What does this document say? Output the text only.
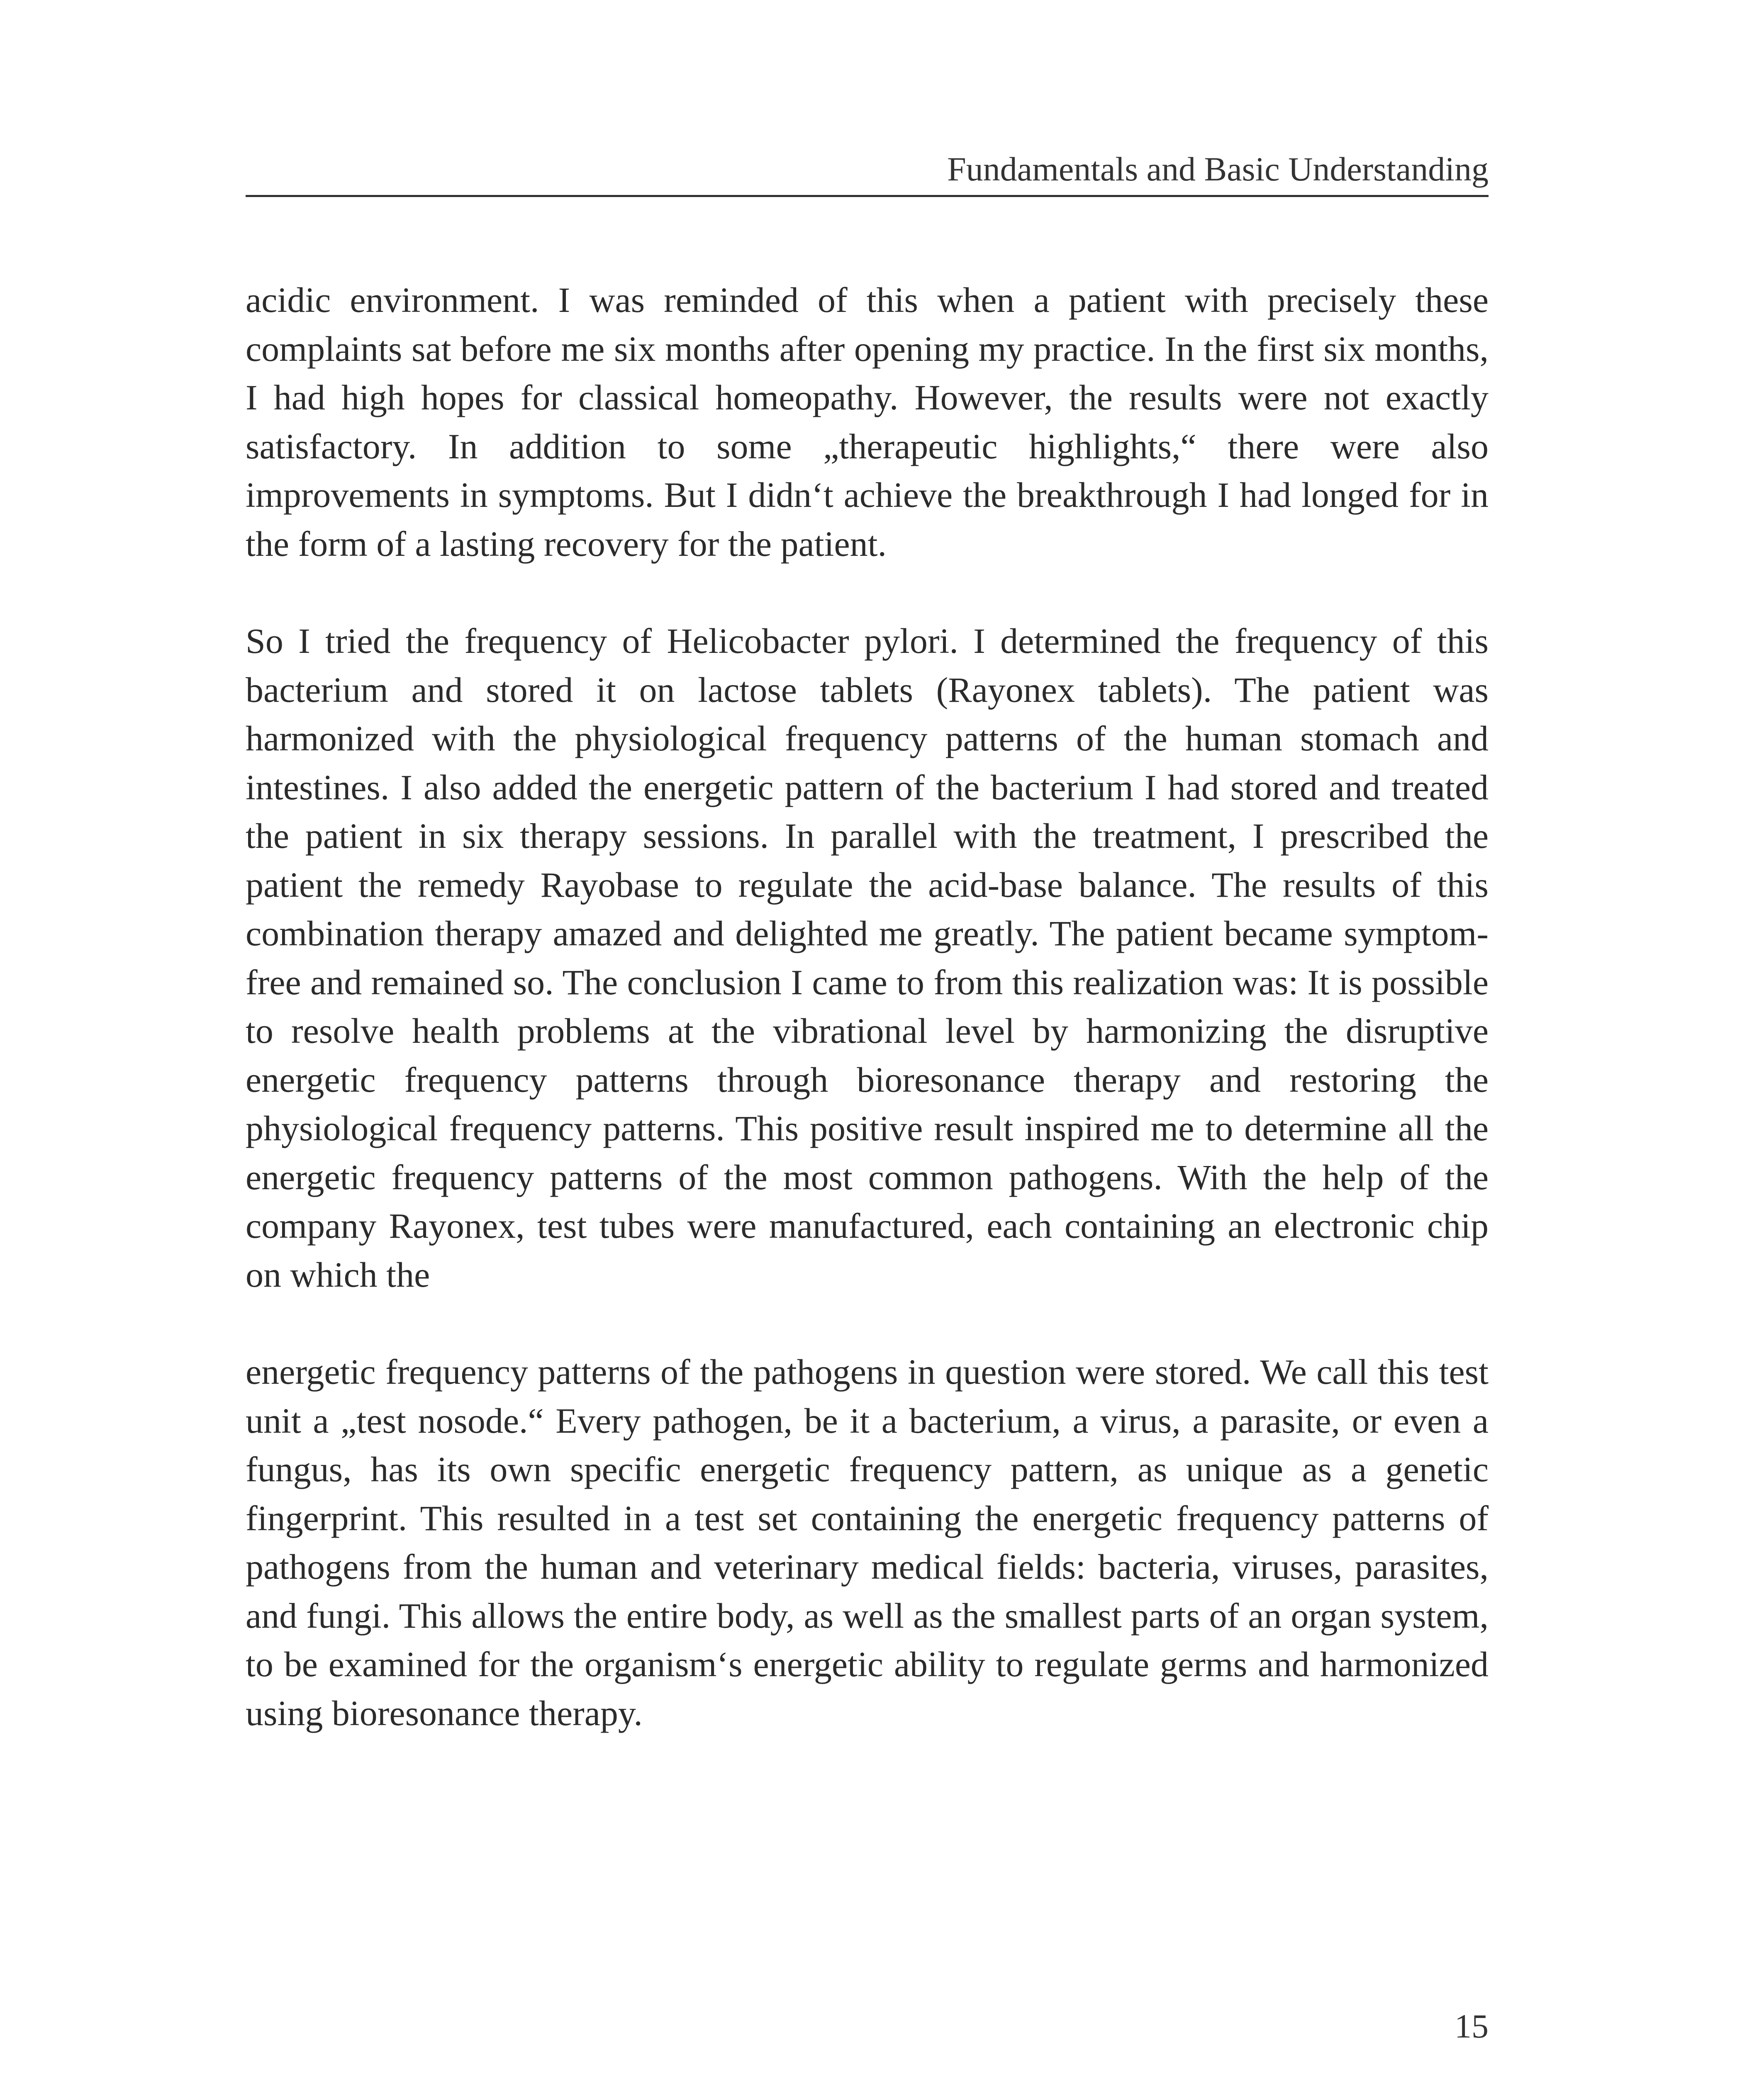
Fundamentals and Basic Understanding

acidic environment. I was reminded of this when a patient with precisely these complaints sat before me six months after opening my practice. In the first six months, I had high hopes for classical homeopathy. However, the results were not exactly satisfactory. In addition to some „therapeutic highlights,“ there were also improvements in symptoms. But I didn‘t achieve the breakthrough I had longed for in the form of a lasting recovery for the patient.

So I tried the frequency of Helicobacter pylori. I determined the frequency of this bacterium and stored it on lactose tablets (Rayonex tablets). The patient was harmonized with the physiological frequency patterns of the human stomach and intestines. I also added the energetic pattern of the bacterium I had stored and treated the patient in six therapy sessions. In parallel with the treatment, I prescribed the patient the remedy Rayobase to regulate the acid-base balance. The results of this combination therapy amazed and delighted me greatly. The patient became symptom-free and remained so. The conclusion I came to from this realization was: It is possible to resolve health problems at the vibrational level by harmonizing the disruptive energetic frequency patterns through bioresonance therapy and restoring the physiological frequency patterns. This positive result inspired me to determine all the energetic frequency patterns of the most common pathogens. With the help of the company Rayonex, test tubes were manufactured, each containing an electronic chip on which the

energetic frequency patterns of the pathogens in question were stored. We call this test unit a „test nosode.“ Every pathogen, be it a bacterium, a virus, a parasite, or even a fungus, has its own specific energetic frequency pattern, as unique as a genetic fingerprint. This resulted in a test set containing the energetic frequency patterns of pathogens from the human and veterinary medical fields: bacteria, viruses, parasites, and fungi. This allows the entire body, as well as the smallest parts of an organ system, to be examined for the organism‘s energetic ability to regulate germs and harmonized using bioresonance therapy.

15
